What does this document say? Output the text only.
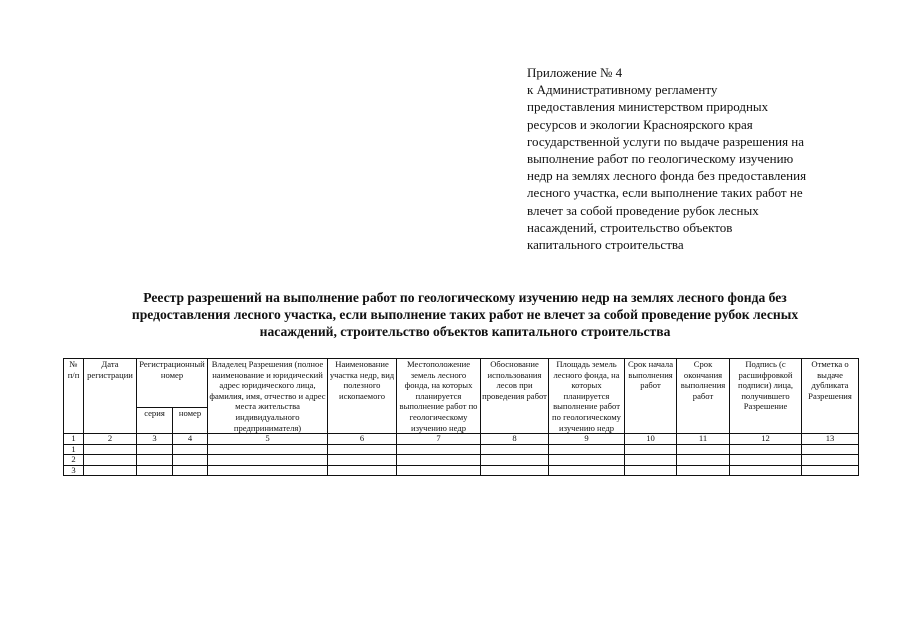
Приложение № 4
к Административному регламенту
предоставления министерством природных
ресурсов и экологии Красноярского края
государственной услуги по выдаче разрешения на
выполнение работ по геологическому изучению
недр на землях лесного фонда без предоставления
лесного участка, если выполнение таких работ не
влечет за собой проведение рубок лесных
насаждений, строительство объектов
капитального строительства
Реестр разрешений на выполнение работ по геологическому изучению недр на землях лесного фонда без
предоставления лесного участка, если выполнение таких работ не влечет за собой проведение рубок лесных
насаждений, строительство объектов капитального строительства
№ п/п	Дата регистрации	Регистрационный номер		Владелец Разрешения (полное наименование и юридический адрес юридического лица, фамилия, имя, отчество и адрес места жительства индивидуального предпринимателя)	Наименование участка недр, вид полезного ископаемого	Местоположение земель лесного фонда, на которых планируется выполнение работ по геологическому изучению недр	Обоснование использования лесов при проведения работ	Площадь земель лесного фонда, на которых планируется выполнение работ по геологическому изучению недр	Срок начала выполнения работ	Срок окончания выполнения работ	Подпись (с расшифровкой подписи) лица, получившего Разрешение	Отметка о выдаче дубликата Разрешения
		серия	номер									
1	2	3	4	5	6	7	8	9	10	11	12	13
1												
2												
3												
